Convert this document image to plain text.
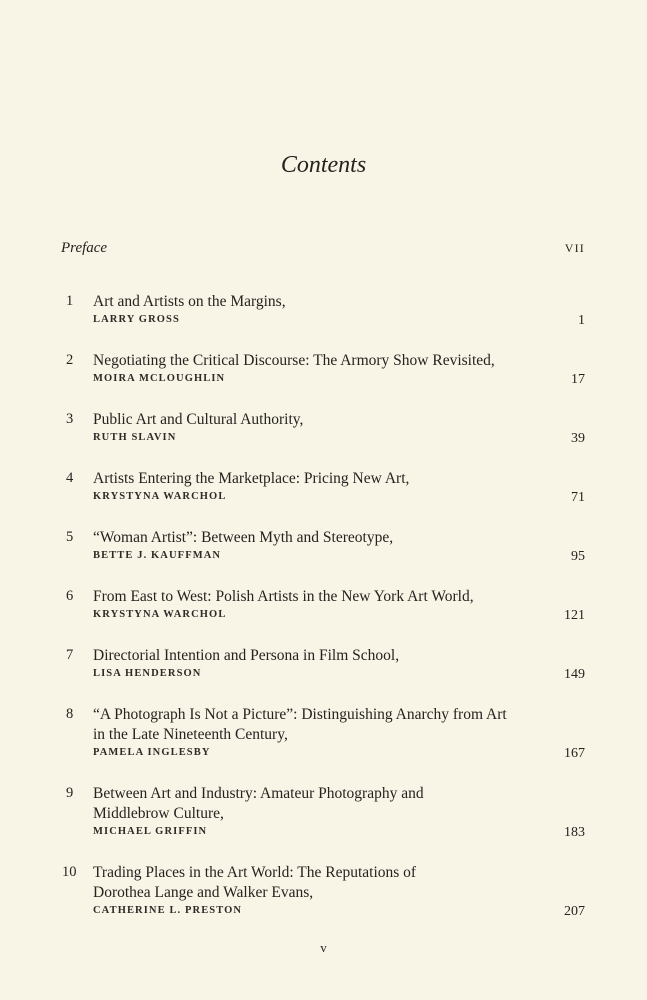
Contents
Preface	VII
1	Art and Artists on the Margins,
LARRY GROSS	1
2	Negotiating the Critical Discourse: The Armory Show Revisited,
MOIRA MCLOUGHLIN	17
3	Public Art and Cultural Authority,
RUTH SLAVIN	39
4	Artists Entering the Marketplace: Pricing New Art,
KRYSTYNA WARCHOL	71
5	“Woman Artist”: Between Myth and Stereotype,
BETTE J. KAUFFMAN	95
6	From East to West: Polish Artists in the New York Art World,
KRYSTYNA WARCHOL	121
7	Directorial Intention and Persona in Film School,
LISA HENDERSON	149
8	“A Photograph Is Not a Picture”: Distinguishing Anarchy from Art in the Late Nineteenth Century,
PAMELA INGLESBY	167
9	Between Art and Industry: Amateur Photography and Middlebrow Culture,
MICHAEL GRIFFIN	183
10	Trading Places in the Art World: The Reputations of Dorothea Lange and Walker Evans,
CATHERINE L. PRESTON	207
v
